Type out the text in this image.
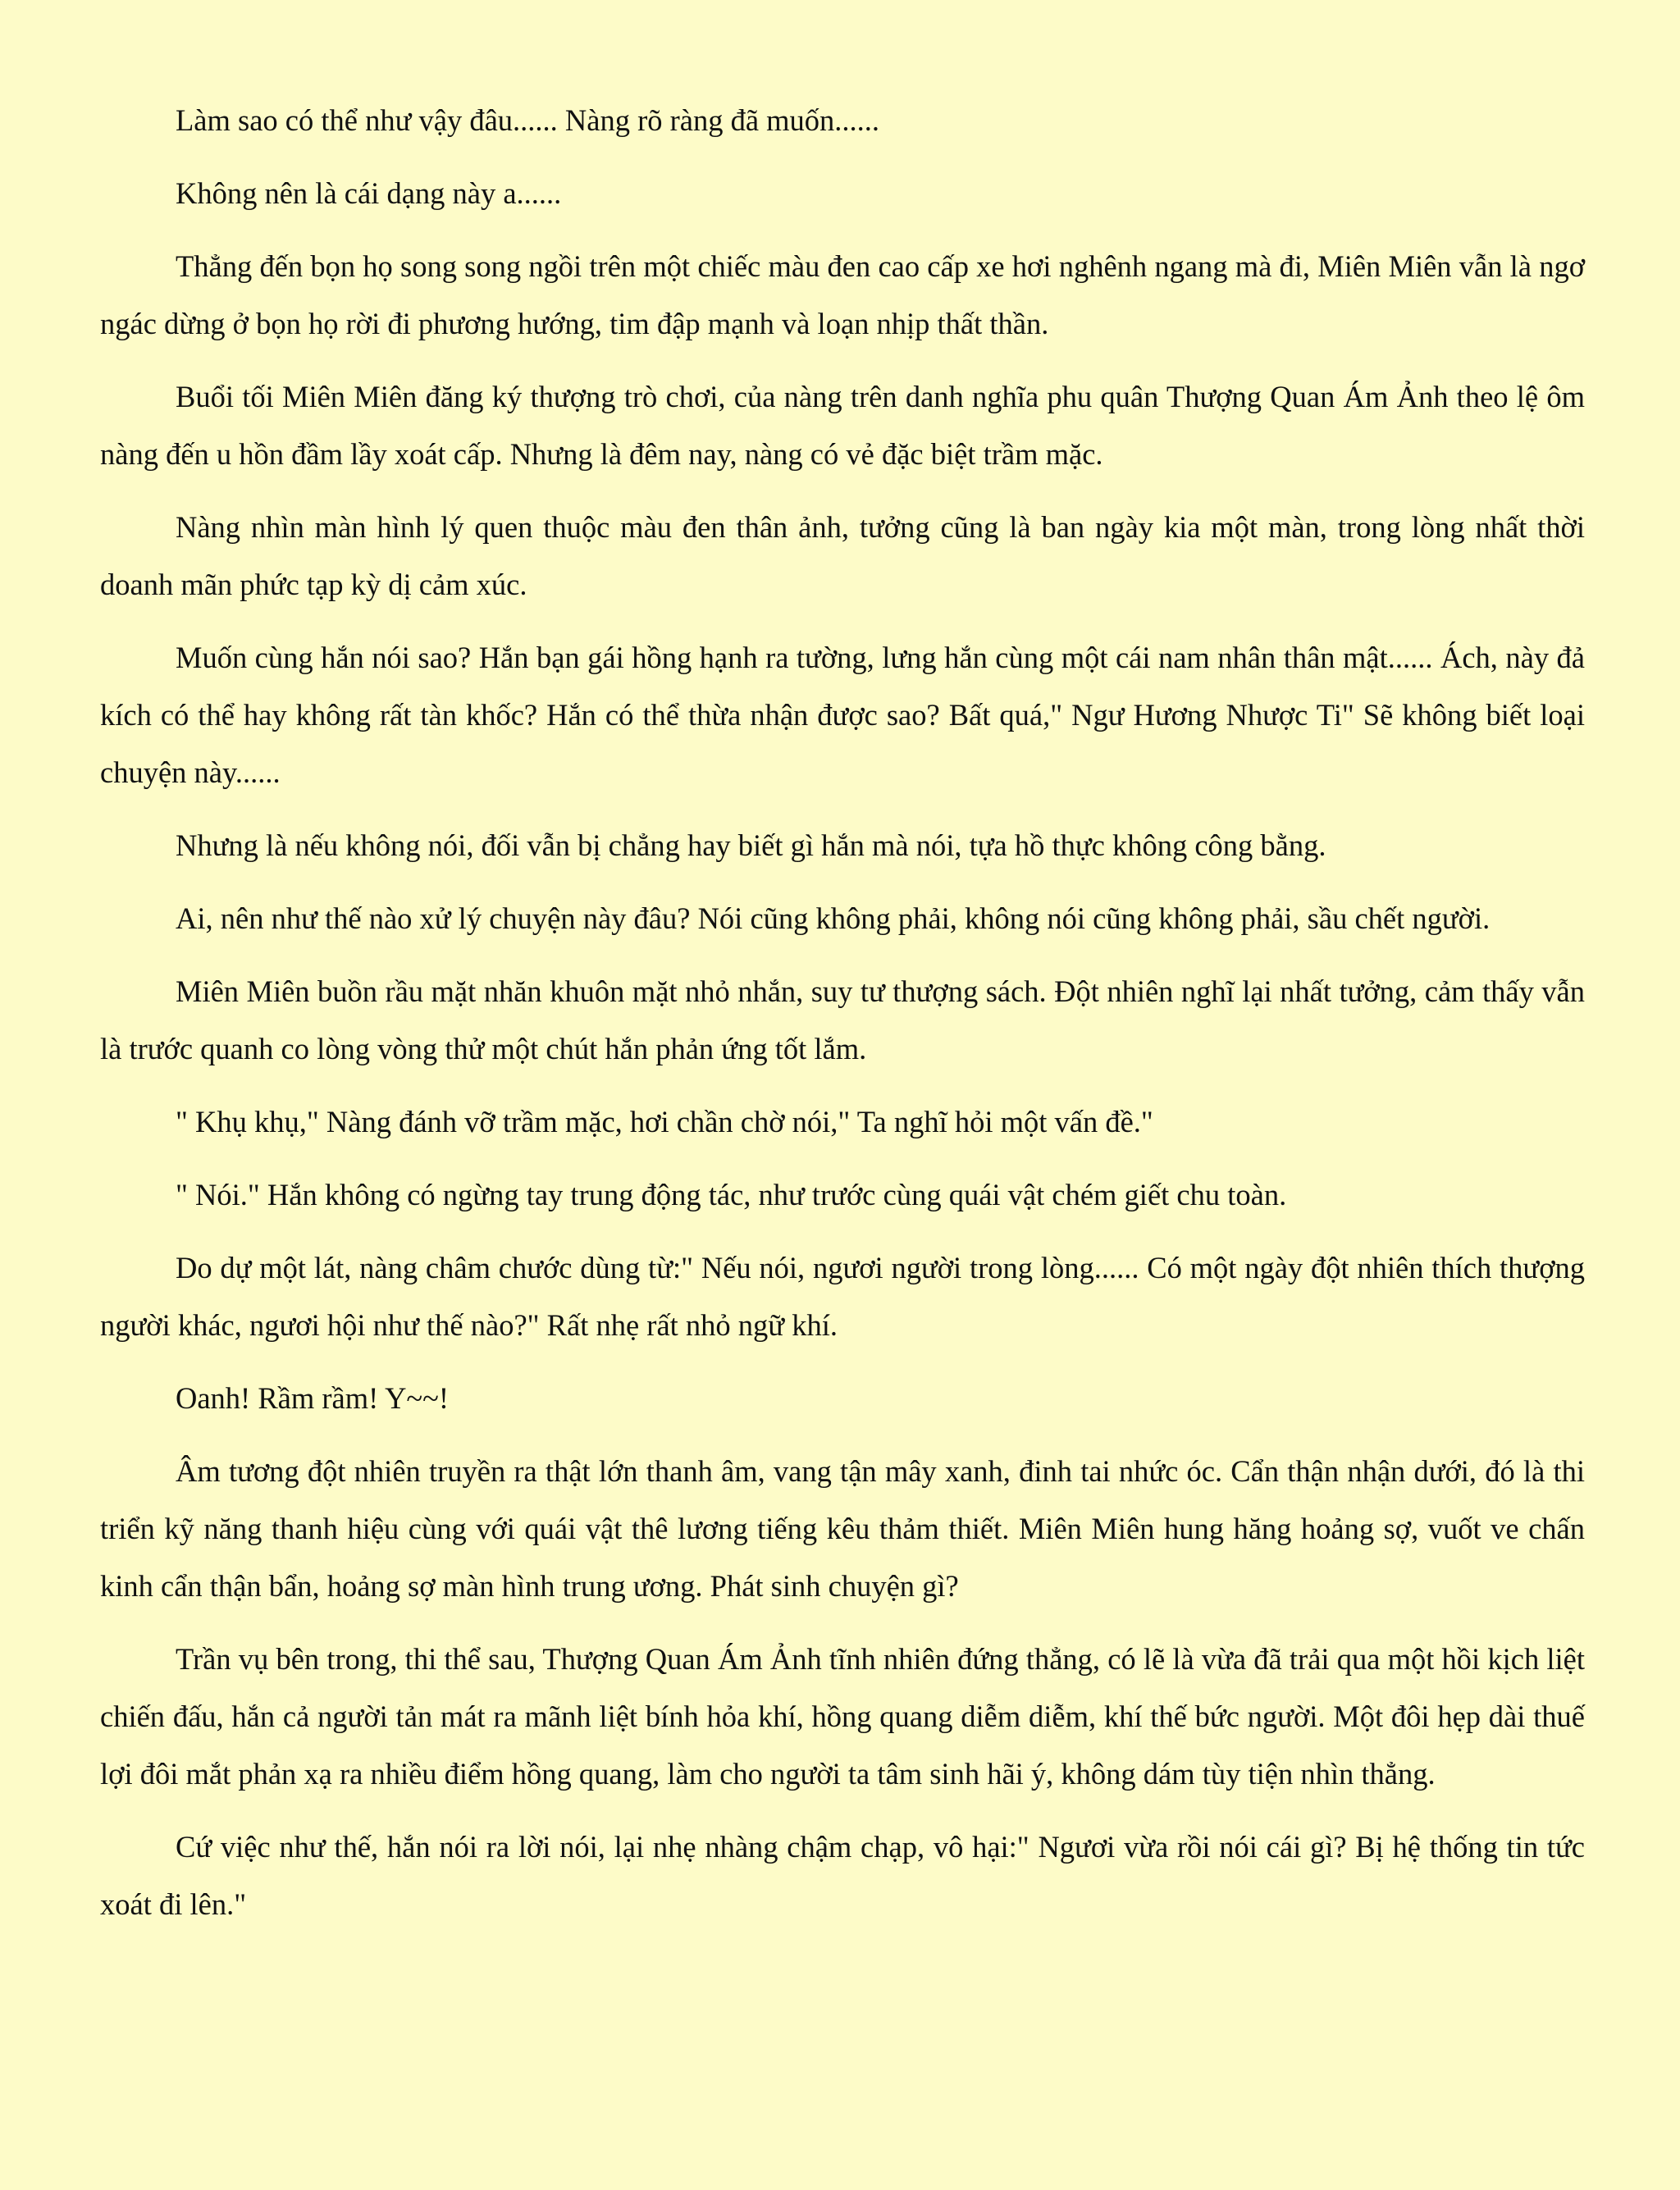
Làm sao có thể như vậy đâu...... Nàng rõ ràng đã muốn......

Không nên là cái dạng này a......

Thẳng đến bọn họ song song ngồi trên một chiếc màu đen cao cấp xe hơi nghênh ngang mà đi, Miên Miên vẫn là ngơ ngác dừng ở bọn họ rời đi phương hướng, tim đập mạnh và loạn nhịp thất thần.

Buổi tối Miên Miên đăng ký thượng trò chơi, của nàng trên danh nghĩa phu quân Thượng Quan Ám Ảnh theo lệ ôm nàng đến u hồn đầm lầy xoát cấp. Nhưng là đêm nay, nàng có vẻ đặc biệt trầm mặc.

Nàng nhìn màn hình lý quen thuộc màu đen thân ảnh, tưởng cũng là ban ngày kia một màn, trong lòng nhất thời doanh mãn phức tạp kỳ dị cảm xúc.

Muốn cùng hắn nói sao? Hắn bạn gái hồng hạnh ra tường, lưng hắn cùng một cái nam nhân thân mật...... Ách, này đả kích có thể hay không rất tàn khốc? Hắn có thể thừa nhận được sao? Bất quá," Ngư Hương Nhược Ti" Sẽ không biết loại chuyện này......

Nhưng là nếu không nói, đối vẫn bị chẳng hay biết gì hắn mà nói, tựa hồ thực không công bằng.

Ai, nên như thế nào xử lý chuyện này đâu? Nói cũng không phải, không nói cũng không phải, sầu chết người.

Miên Miên buồn rầu mặt nhăn khuôn mặt nhỏ nhắn, suy tư thượng sách. Đột nhiên nghĩ lại nhất tưởng, cảm thấy vẫn là trước quanh co lòng vòng thử một chút hắn phản ứng tốt lắm.

" Khụ khụ," Nàng đánh vỡ trầm mặc, hơi chần chờ nói," Ta nghĩ hỏi một vấn đề."

" Nói." Hắn không có ngừng tay trung động tác, như trước cùng quái vật chém giết chu toàn.

Do dự một lát, nàng châm chước dùng từ:" Nếu nói, ngươi người trong lòng...... Có một ngày đột nhiên thích thượng người khác, ngươi hội như thế nào?" Rất nhẹ rất nhỏ ngữ khí.

Oanh! Rầm rầm! Y~~!

Âm tương đột nhiên truyền ra thật lớn thanh âm, vang tận mây xanh, đinh tai nhức óc. Cẩn thận nhận dưới, đó là thi triển kỹ năng thanh hiệu cùng với quái vật thê lương tiếng kêu thảm thiết. Miên Miên hung hăng hoảng sợ, vuốt ve chấn kinh cẩn thận bẩn, hoảng sợ màn hình trung ương. Phát sinh chuyện gì?

Trần vụ bên trong, thi thể sau, Thượng Quan Ám Ảnh tĩnh nhiên đứng thẳng, có lẽ là vừa đã trải qua một hồi kịch liệt chiến đấu, hắn cả người tản mát ra mãnh liệt bính hỏa khí, hồng quang diễm diễm, khí thế bức người. Một đôi hẹp dài thuế lợi đôi mắt phản xạ ra nhiều điểm hồng quang, làm cho người ta tâm sinh hãi ý, không dám tùy tiện nhìn thẳng.

Cứ việc như thế, hắn nói ra lời nói, lại nhẹ nhàng chậm chạp, vô hại:" Ngươi vừa rồi nói cái gì? Bị hệ thống tin tức xoát đi lên."
